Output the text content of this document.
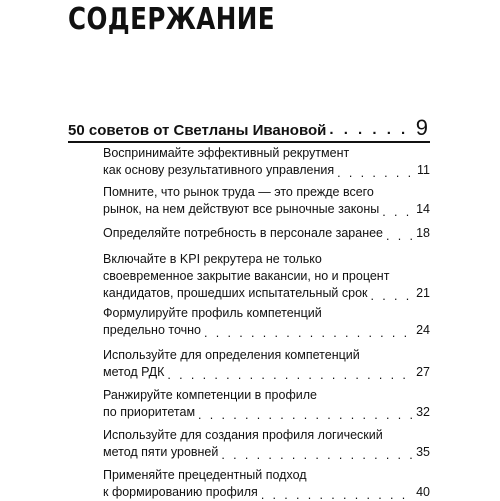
СОДЕРЖАНИЕ
50 советов от Светланы Ивановой . . .	9
Воспринимайте эффективный рекрутмент
как основу результативного управления . . .	11
Помните, что рынок труда — это прежде всего
рынок, на нем действуют все рыночные законы . . .	14
Определяйте потребность в персонале заранее . . .	18
Включайте в KPI рекрутера не только
своевременное закрытие вакансии, но и процент
кандидатов, прошедших испытательный срок . . .	21
Формулируйте профиль компетенций
предельно точно . . .	24
Используйте для определения компетенций
метод РДК . . .	27
Ранжируйте компетенции в профиле
по приоритетам . . .	32
Используйте для создания профиля логический
метод пяти уровней . . .	35
Применяйте прецедентный подход
к формированию профиля . . .	40
